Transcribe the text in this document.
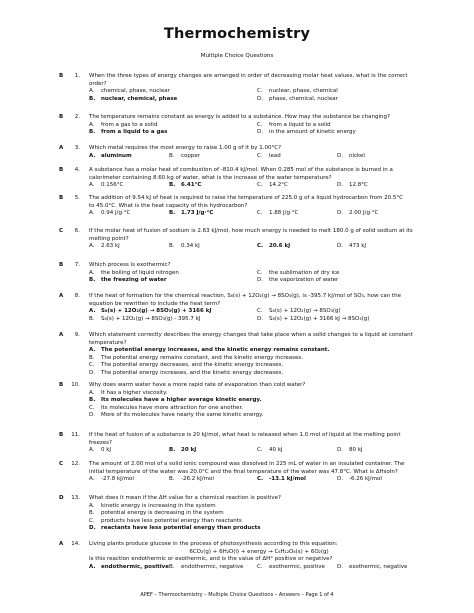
Thermochemistry
Multiple Choice Questions
B	1. When the three types of energy changes are arranged in order of decreasing molar heat values, what is the correct
order?
A. chemical, phase, nuclear	C. nuclear, phase, chemical
B. nuclear, chemical, phase	D. phase, chemical, nuclear
B	2. The temperature remains constant as energy is added to a substance. How may the substance be changing?
A. from a gas to a solid	C. from a liquid to a solid
B. from a liquid to a gas	D. in the amount of kinetic energy
A	3. Which metal requires the most energy to raise 1.00 g of it by 1.00°C?
A. aluminum	B. copper	C. lead	D. nickel
B	4. A substance has a molar heat of combustion of -810.4 kJ/mol. When 0.285 mol of the substance is burned in a
calorimeter containing 8.60 kg of water, what is the increase of the water temperature?
A. 0.156°C	B. 6.41°C	C. 14.2°C	D. 12.8°C
B	5. The addition of 9.54 kJ of heat is required to raise the temperature of 225.0 g of a liquid hydrocarbon from 20.5°C
to 45.0°C. What is the heat capacity of this hydrocarbon?
A. 0.94 J/g·°C	B. 1.73 J/g·°C	C. 1.88 J/g·°C	D. 2.00 J/g·°C
C	6. If the molar heat of fusion of sodium is 2.63 kJ/mol, how much energy is needed to melt 180.0 g of solid sodium at its
melting point?
A. 2.63 kJ	B. 0.34 kJ	C. 20.6 kJ	D. 473 kJ
B	7. Which process is exothermic?
A. the boiling of liquid nitrogen	C. the sublimation of dry ice
B. the freezing of water	D. the vaporization of water
A	8. If the heat of formation for the chemical reaction, S₈(s) + 12O₂(g) → 8SO₃(g), is -395.7 kJ/mol of SO₃, how can the
equation be rewritten to include the heat term?
A. S₈(s) + 12O₂(g) → 8SO₃(g) + 3166 kJ	C. S₈(s) + 12O₂(g) → 8SO₃(g)
B. S₈(s) + 12O₂(g) → 8SO₃(g) - 395.7 kJ	D. S₈(s) + 12O₂(g) + 3166 kJ → 8SO₃(g)
A	9. Which statement correctly describes the energy changes that take place when a solid changes to a liquid at constant
temperature?
A. The potential energy increases, and the kinetic energy remains constant.
B. The potential energy remains constant, and the kinetic energy increases.
C. The potential energy decreases, and the kinetic energy increases.
D. The potential energy increases, and the kinetic energy decreases.
B	10. Why does warm water have a more rapid rate of evaporation than cold water?
A. It has a higher viscosity.
B. Its molecules have a higher average kinetic energy.
C. Its molecules have more attraction for one another.
D. More of its molecules have nearly the same kinetic energy.
B	11. If the heat of fusion of a substance is 20 kJ/mol, what heat is released when 1.0 mol of liquid at the melting point
freezes?
A. 0 kJ	B. 20 kJ	C. 40 kJ	D. 80 kJ
C	12. The amount of 2.00 mol of a solid ionic compound was dissolved in 225 mL of water in an insulated container. The
initial temperature of the water was 20.0°C and the final temperature of the water was 47.8°C. What is ΔHsoln?
A. -27.8 kJ/mol	B. -26.2 kJ/mol	C. -13.1 kJ/mol	D. -6.26 kJ/mol
D	13. What does it mean if the ΔH value for a chemical reaction is positive?
A. kinetic energy is increasing in the system
B. potential energy is decreasing in the system
C. products have less potential energy than reactants
D. reactants have less potential energy than products
A	14. Living plants produce glucose in the process of photosynthesis according to this equation:
6CO₂(g) + 6H₂O(l) + energy → C₆H₁₂O₆(s) + 6O₂(g)
Is this reaction endothermic or exothermic, and is the value of ΔH° positive or negative?
A. endothermic, positive B. endothermic, negative C. exothermic, positive D. exothermic, negative
APEF – Thermochemistry – Multiple Choice Questions – Answers – Page 1 of 4
